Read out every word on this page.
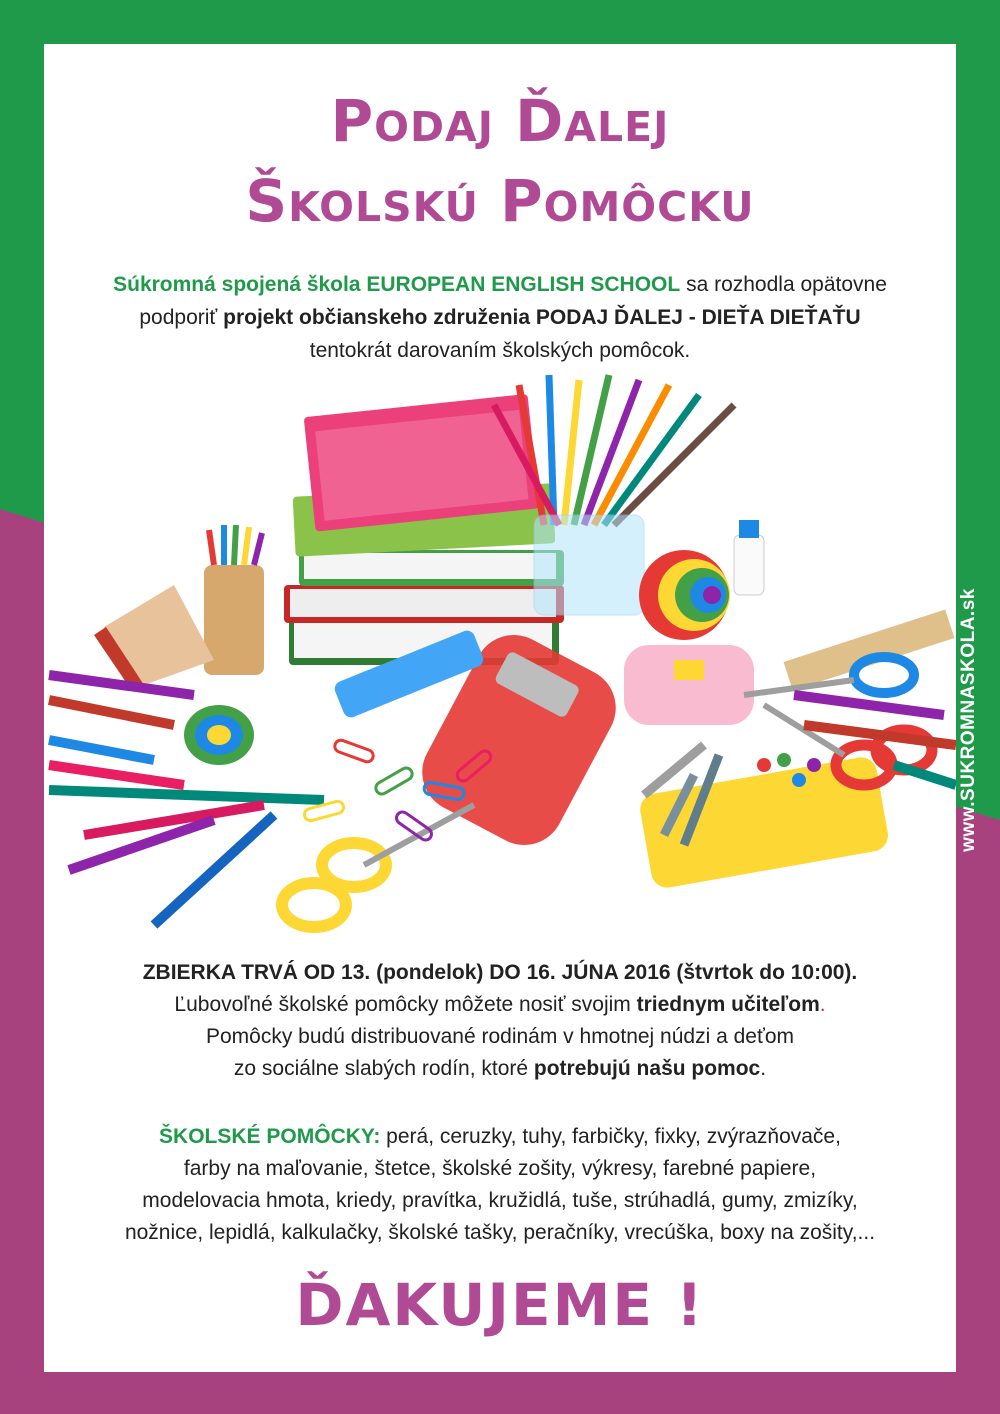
www.SUKROMNASKOLA.sk
Podaj Ďalej
Školskú Pomôcku
Súkromná spojená škola EUROPEAN ENGLISH SCHOOL sa rozhodla opätovne
podporiť projekt občianskeho združenia PODAJ ĎALEJ - DIEŤA DIEŤAŤU
tentokrát darovaním školských pomôcok.
ZBIERKA TRVÁ OD 13. (pondelok) DO 16. JÚNA 2016 (štvrtok do 10:00).
Ľubovoľné školské pomôcky môžete nosiť svojim triednym učiteľom.
Pomôcky budú distribuované rodinám v hmotnej núdzi a deťom
zo sociálne slabých rodín, ktoré potrebujú našu pomoc.
ŠKOLSKÉ POMÔCKY: perá, ceruzky, tuhy, farbičky, fixky, zvýrazňovače,
farby na maľovanie, štetce, školské zošity, výkresy, farebné papiere,
modelovacia hmota, kriedy, pravítka, kružidlá, tuše, strúhadlá, gumy, zmizíky,
nožnice, lepidlá, kalkulačky, školské tašky, peračníky, vrecúška, boxy na zošity,...
ĎAKUJEME !
